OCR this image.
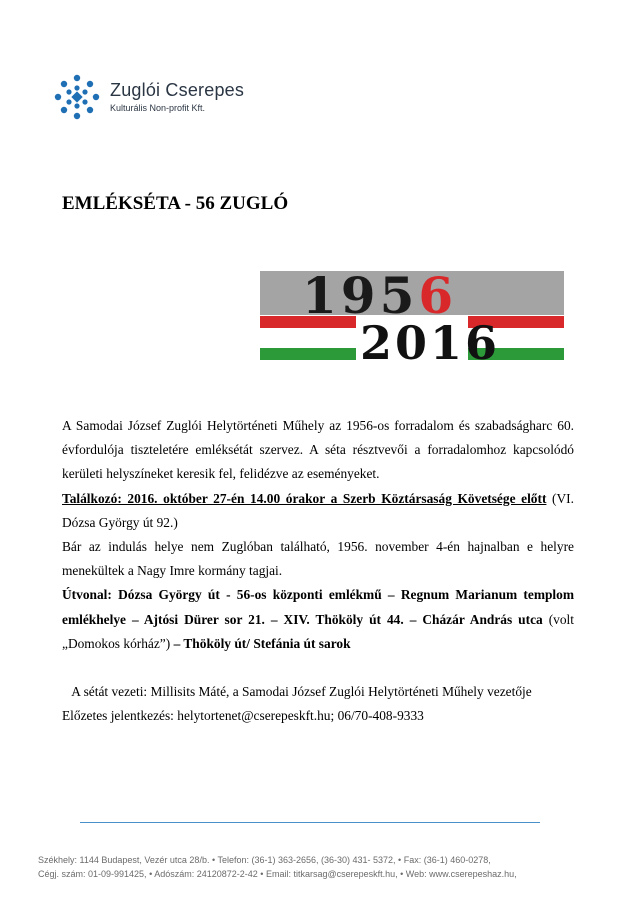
Zuglói Cserepes
Kulturális Non-profit Kft.
EMLÉKSÉTA - 56 ZUGLÓ
1956
2016

A Samodai József Zuglói Helytörténeti Műhely az 1956-os forradalom és szabadságharc 60. évfordulója tiszteletére emléksétát szervez. A séta résztvevői a forradalomhoz kapcsolódó kerületi helyszíneket keresik fel, felidézve az eseményeket.

Találkozó: 2016. október 27-én 14.00 órakor a Szerb Köztársaság Követsége előtt (VI. Dózsa György út 92.)

Bár az indulás helye nem Zuglóban található, 1956. november 4-én hajnalban e helyre menekültek a Nagy Imre kormány tagjai.

Útvonal: Dózsa György út - 56-os központi emlékmű – Regnum Marianum templom emlékhelye – Ajtósi Dürer sor 21. – XIV. Thököly út 44. – Cházár András utca (volt „Domokos kórház”) – Thököly út/ Stefánia út sarok

A sétát vezeti: Millisits Máté, a Samodai József Zuglói Helytörténeti Műhely vezetője

Előzetes jelentkezés: helytortenet@cserepeskft.hu; 06/70-408-9333

Székhely: 1144 Budapest, Vezér utca 28/b. • Telefon: (36-1) 363-2656, (36-30) 431- 5372, • Fax: (36-1) 460-0278,
Cégj. szám: 01-09-991425, • Adószám: 24120872-2-42 • Email: titkarsag@cserepeskft.hu, • Web: www.cserepeshaz.hu,
